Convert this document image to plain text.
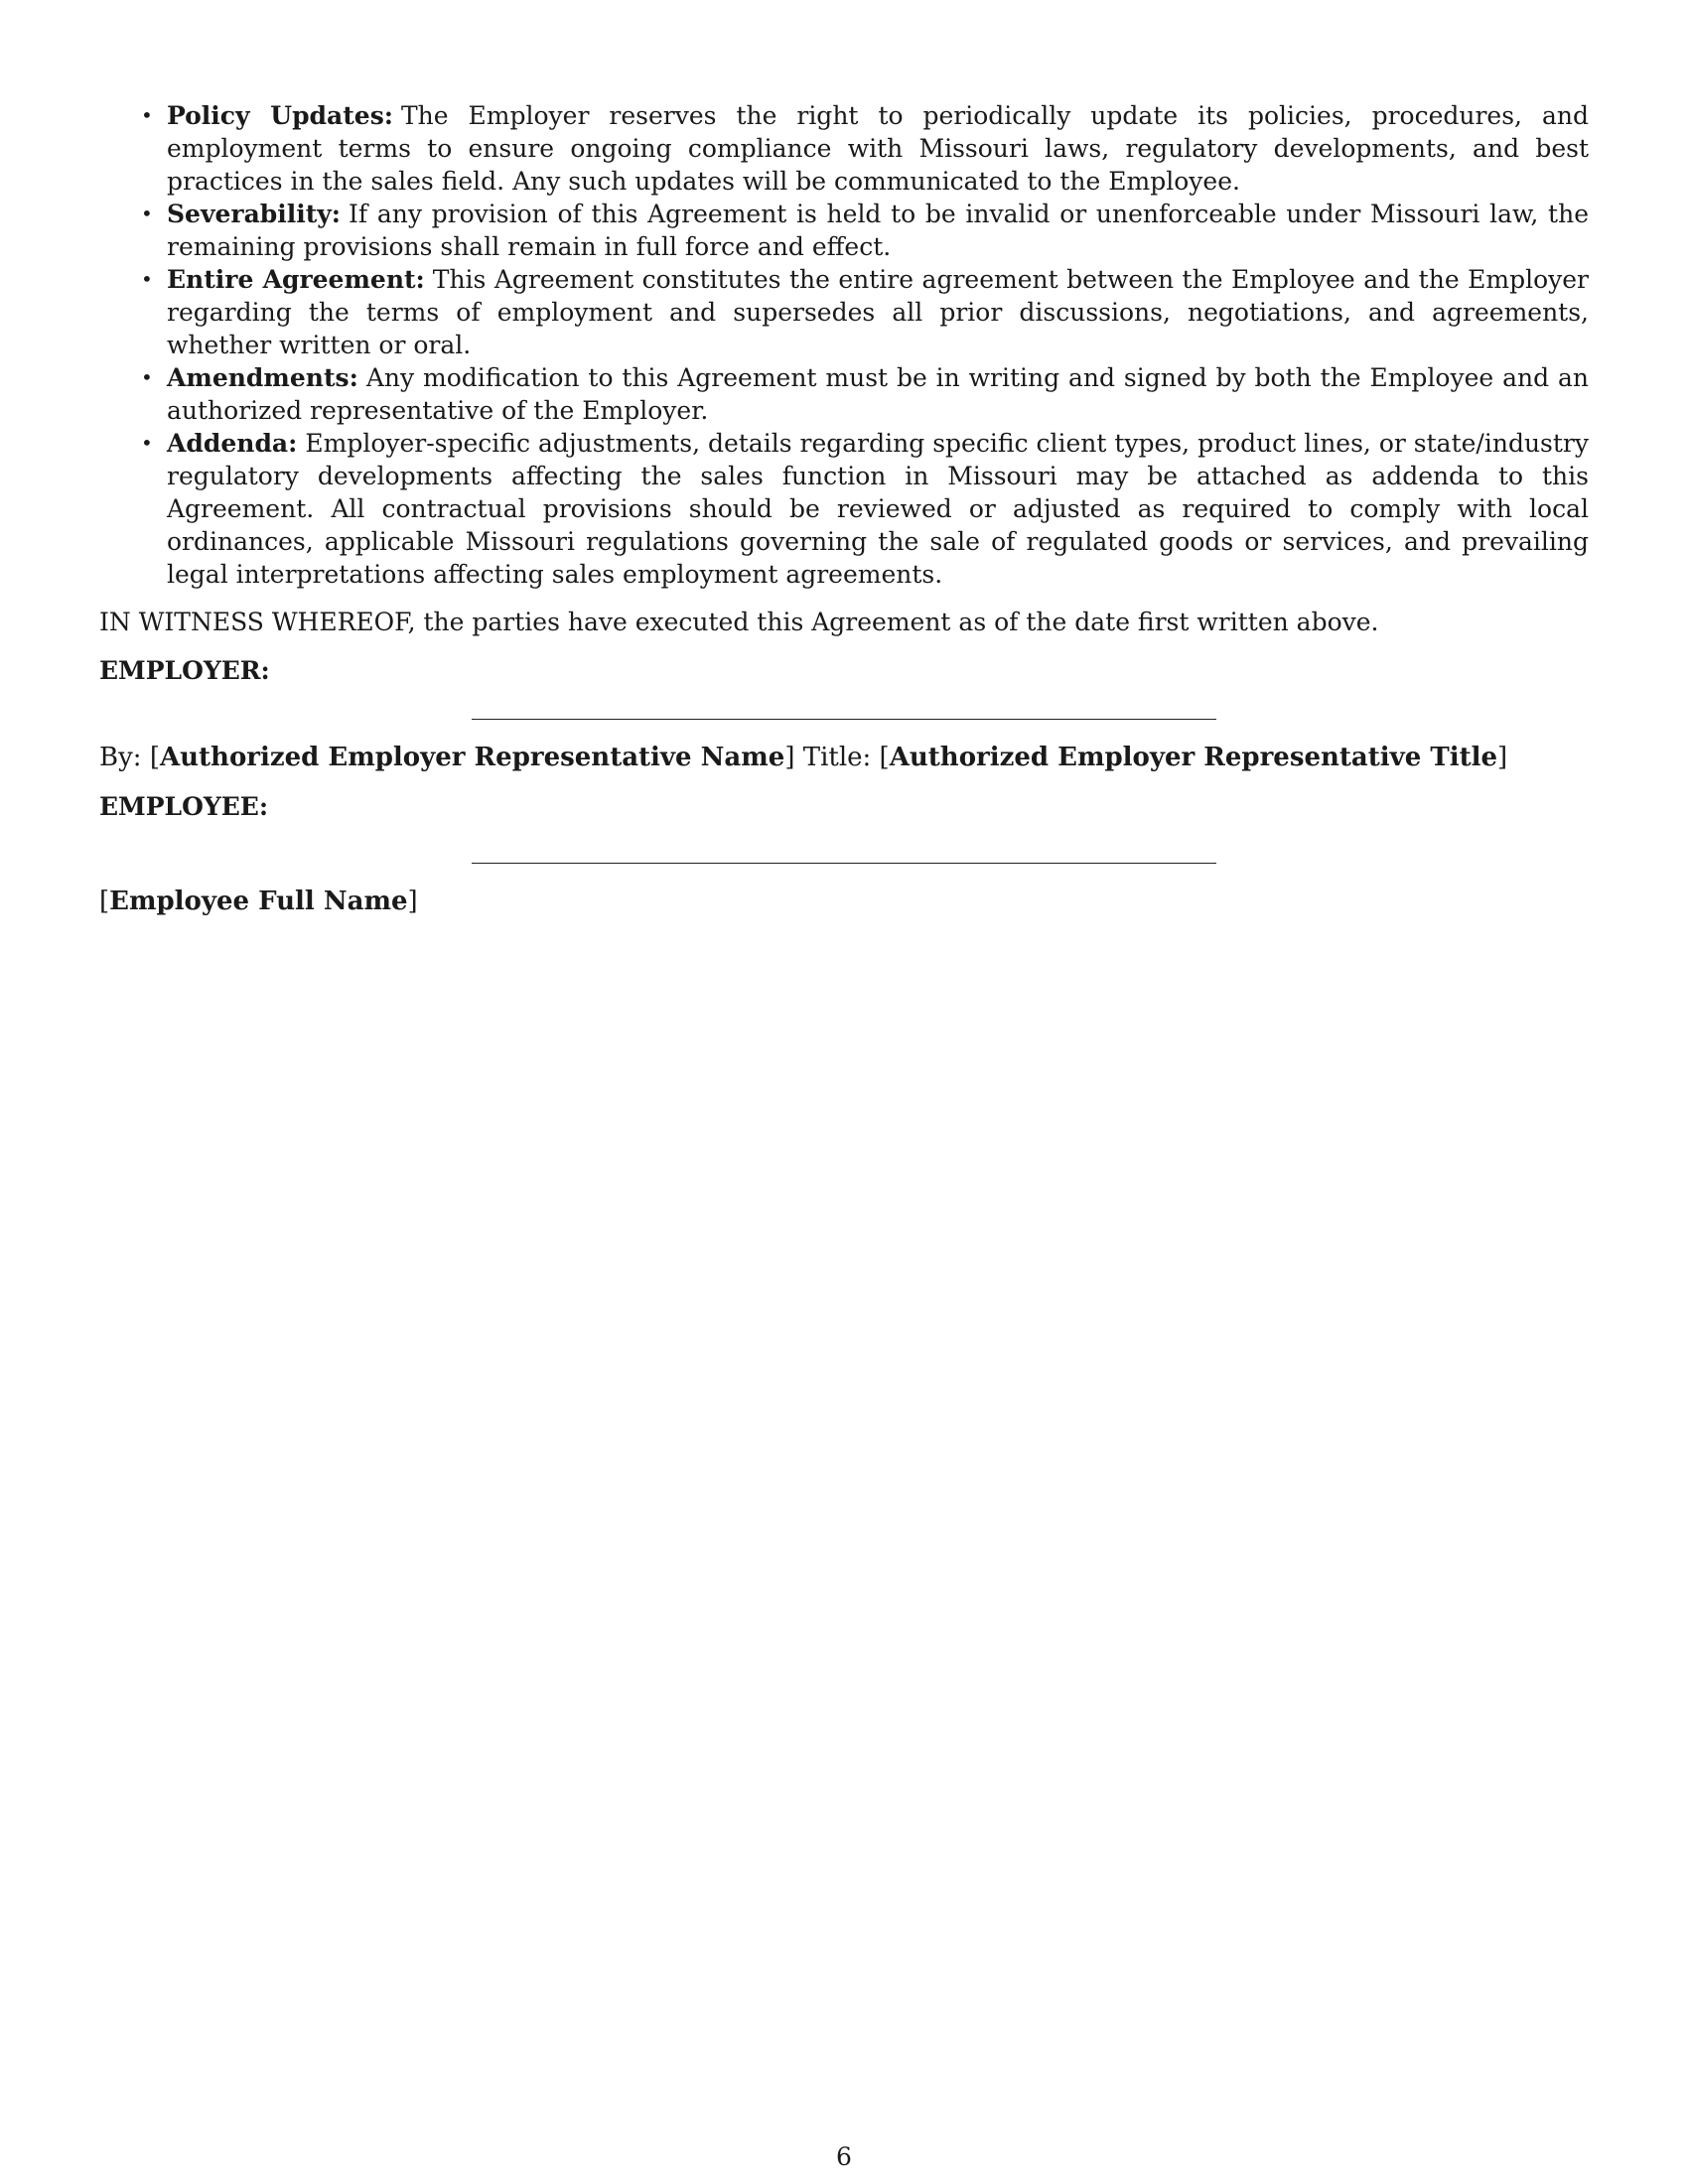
• Policy Updates: The Employer reserves the right to periodically update its policies, procedures, and employment terms to ensure ongoing compliance with Missouri laws, regulatory developments, and best practices in the sales field. Any such updates will be communicated to the Employee.
• Severability: If any provision of this Agreement is held to be invalid or unenforceable under Missouri law, the remaining provisions shall remain in full force and effect.
• Entire Agreement: This Agreement constitutes the entire agreement between the Employee and the Employer regarding the terms of employment and supersedes all prior discussions, negotiations, and agreements, whether written or oral.
• Amendments: Any modification to this Agreement must be in writing and signed by both the Employee and an authorized representative of the Employer.
• Addenda: Employer-specific adjustments, details regarding specific client types, product lines, or state/industry regulatory developments affecting the sales function in Missouri may be attached as addenda to this Agreement. All contractual provisions should be reviewed or adjusted as required to comply with local ordinances, applicable Missouri regulations governing the sale of regulated goods or services, and prevailing legal interpretations affecting sales employment agreements.

IN WITNESS WHEREOF, the parties have executed this Agreement as of the date first written above.

EMPLOYER:

By: [Authorized Employer Representative Name] Title: [Authorized Employer Representative Title]

EMPLOYEE:

[Employee Full Name]

6
